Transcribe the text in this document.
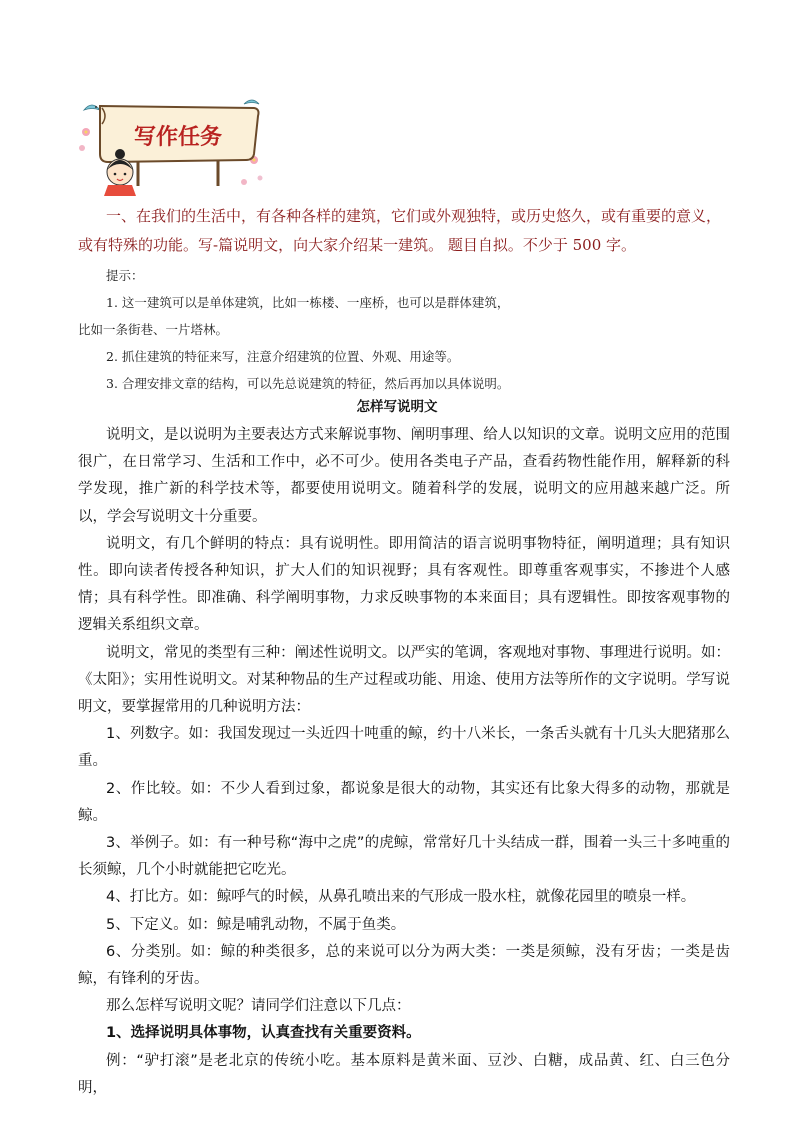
写作任务

一、在我们的生活中，有各种各样的建筑，它们或外观独特，或历史悠久，或有重要的意义，

或有特殊的功能。写-篇说明文，向大家介绍某一建筑。 题目自拟。不少于 500 字。

提示：
1. 这一建筑可以是单体建筑，比如一栋楼、一座桥，也可以是群体建筑，
比如一条街巷、一片塔林。
2. 抓住建筑的特征来写，注意介绍建筑的位置、外观、用途等。
3. 合理安排文章的结构，可以先总说建筑的特征，然后再加以具体说明。
怎样写说明文

说明文，是以说明为主要表达方式来解说事物、阐明事理、给人以知识的文章。说明文应用的范围很广，在日常学习、生活和工作中，必不可少。使用各类电子产品，查看药物性能作用，解释新的科学发现，推广新的科学技术等，都要使用说明文。随着科学的发展，说明文的应用越来越广泛。所以，学会写说明文十分重要。

说明文，有几个鲜明的特点：具有说明性。即用简洁的语言说明事物特征，阐明道理；具有知识性。即向读者传授各种知识，扩大人们的知识视野；具有客观性。即尊重客观事实，不掺进个人感情；具有科学性。即准确、科学阐明事物，力求反映事物的本来面目；具有逻辑性。即按客观事物的逻辑关系组织文章。

说明文，常见的类型有三种：阐述性说明文。以严实的笔调，客观地对事物、事理进行说明。如：《太阳》；实用性说明文。对某种物品的生产过程或功能、用途、使用方法等所作的文字说明。学写说明文，要掌握常用的几种说明方法：

1、列数字。如：我国发现过一头近四十吨重的鲸，约十八米长，一条舌头就有十几头大肥猪那么重。

2、作比较。如：不少人看到过象，都说象是很大的动物，其实还有比象大得多的动物，那就是鲸。

3、举例子。如：有一种号称“海中之虎”的虎鲸，常常好几十头结成一群，围着一头三十多吨重的长须鲸，几个小时就能把它吃光。

4、打比方。如：鲸呼气的时候，从鼻孔喷出来的气形成一股水柱，就像花园里的喷泉一样。

5、下定义。如：鲸是哺乳动物，不属于鱼类。

6、分类别。如：鲸的种类很多，总的来说可以分为两大类：一类是须鲸，没有牙齿；一类是齿鲸，有锋利的牙齿。

那么怎样写说明文呢？请同学们注意以下几点：

1、选择说明具体事物，认真查找有关重要资料。

例：“驴打滚”是老北京的传统小吃。基本原料是黄米面、豆沙、白糖，成品黄、红、白三色分明，
